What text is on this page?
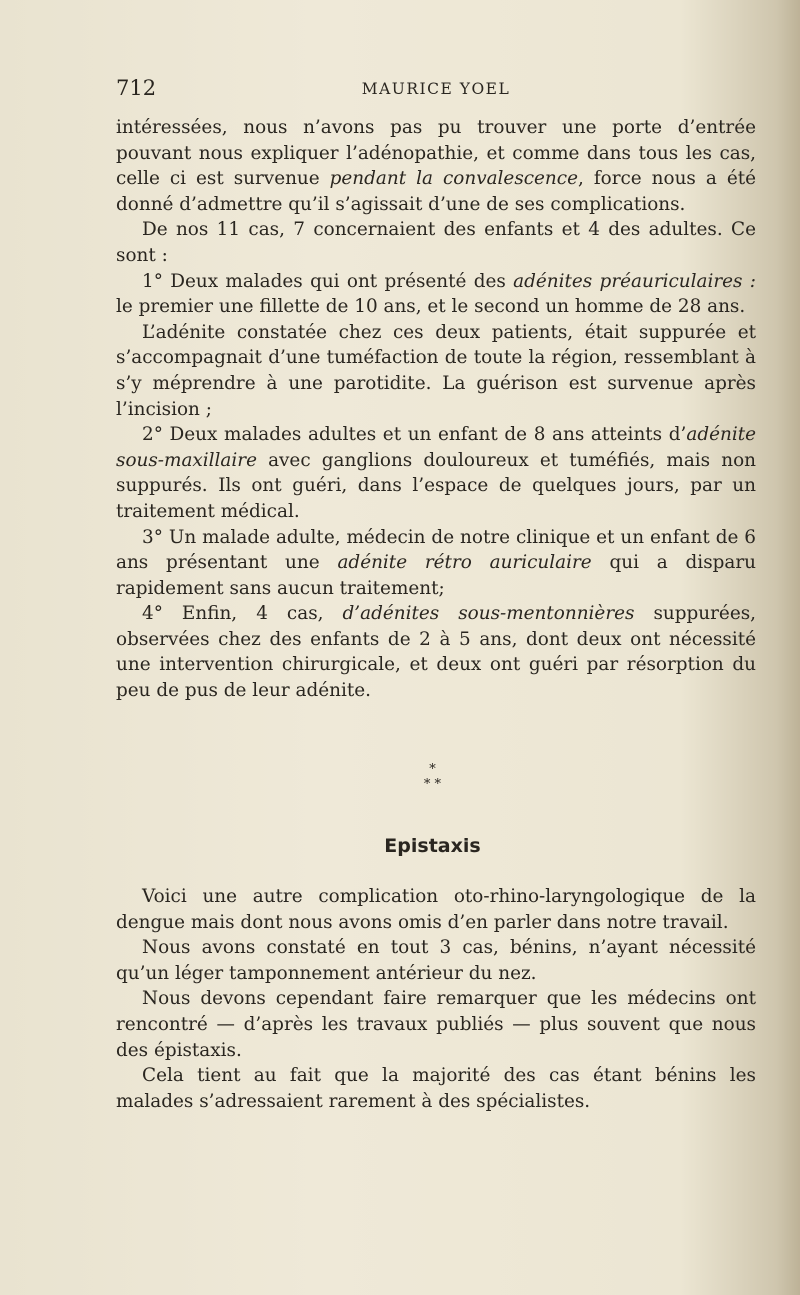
712	MAURICE YOEL

intéressées, nous n’avons pas pu trouver une porte d’entrée pouvant nous expliquer l’adénopathie, et comme dans tous les cas, celle ci est survenue pendant la convalescence, force nous a été donné d’admettre qu’il s’agissait d’une de ses complications.

De nos 11 cas, 7 concernaient des enfants et 4 des adultes. Ce sont :

1° Deux malades qui ont présenté des adénites préauriculaires : le premier une fillette de 10 ans, et le second un homme de 28 ans.

L’adénite constatée chez ces deux patients, était suppurée et s’accompagnait d’une tuméfaction de toute la région, ressemblant à s’y méprendre à une parotidite. La guérison est survenue après l’incision ;

2° Deux malades adultes et un enfant de 8 ans atteints d’adénite sous-maxillaire avec ganglions douloureux et tuméfiés, mais non suppurés. Ils ont guéri, dans l’espace de quelques jours, par un traitement médical.

3° Un malade adulte, médecin de notre clinique et un enfant de 6 ans présentant une adénite rétro auriculaire qui a disparu rapidement sans aucun traitement;

4° Enfin, 4 cas, d’adénites sous-mentonnières suppurées, observées chez des enfants de 2 à 5 ans, dont deux ont nécessité une intervention chirurgicale, et deux ont guéri par résorption du peu de pus de leur adénite.

*
* *
Epistaxis

Voici une autre complication oto-rhino-laryngologique de la dengue mais dont nous avons omis d’en parler dans notre travail.

Nous avons constaté en tout 3 cas, bénins, n’ayant nécessité qu’un léger tamponnement antérieur du nez.

Nous devons cependant faire remarquer que les médecins ont rencontré — d’après les travaux publiés — plus souvent que nous des épistaxis.

Cela tient au fait que la majorité des cas étant bénins les malades s’adressaient rarement à des spécialistes.
